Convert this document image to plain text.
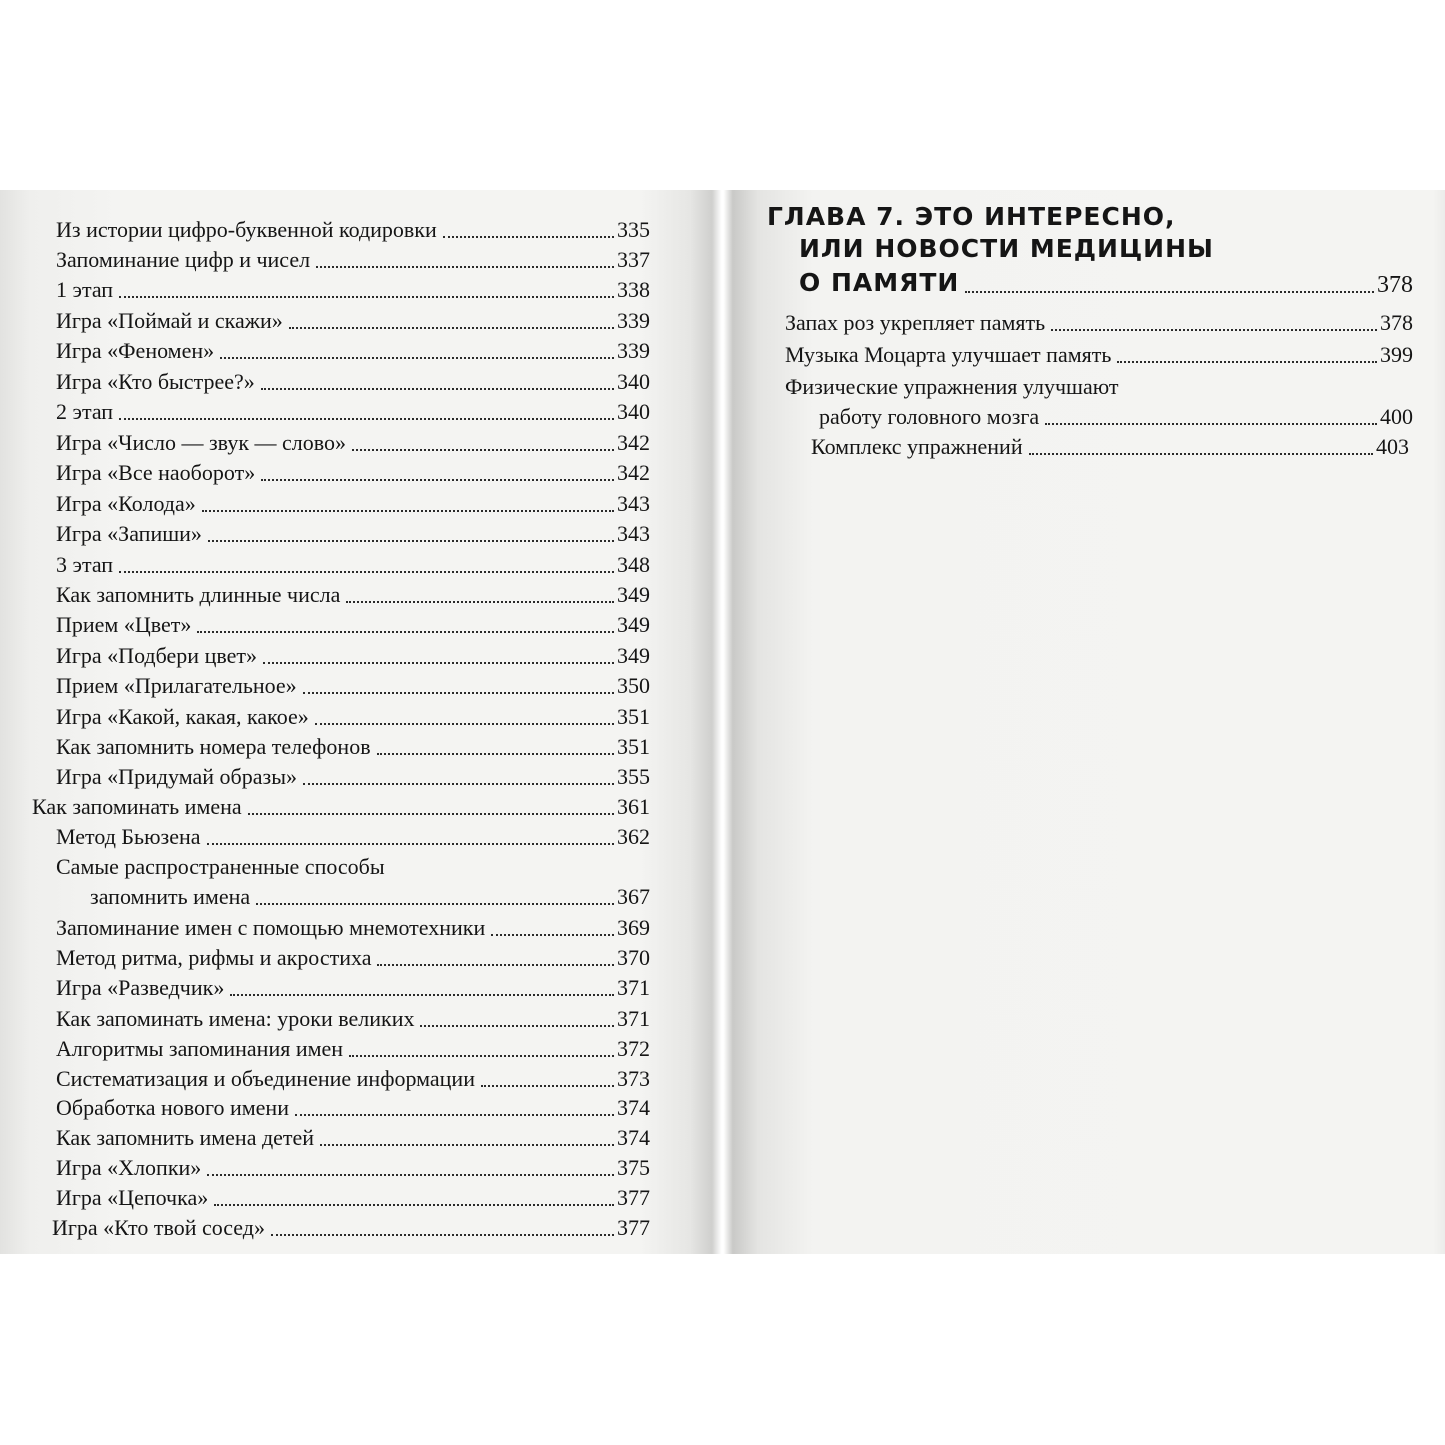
Из истории цифро-буквенной кодировки	335
Запоминание цифр и чисел	337
1 этап	338
Игра «Поймай и скажи»	339
Игра «Феномен»	339
Игра «Кто быстрее?»	340
2 этап	340
Игра «Число — звук — слово»	342
Игра «Все наоборот»	342
Игра «Колода»	343
Игра «Запиши»	343
3 этап	348
Как запомнить длинные числа	349
Прием «Цвет»	349
Игра «Подбери цвет»	349
Прием «Прилагательное»	350
Игра «Какой, какая, какое»	351
Как запомнить номера телефонов	351
Игра «Придумай образы»	355
Как запоминать имена	361
Метод Бьюзена	362
Самые распространенные способы
запомнить имена	367
Запоминание имен с помощью мнемотехники	369
Метод ритма, рифмы и акростиха	370
Игра «Разведчик»	371
Как запоминать имена: уроки великих	371
Алгоритмы запоминания имен	372
Систематизация и объединение информации	373
Обработка нового имени	374
Как запомнить имена детей	374
Игра «Хлопки»	375
Игра «Цепочка»	377
Игра «Кто твой сосед»	377
ГЛАВА 7. ЭТО ИНТЕРЕСНО,
ИЛИ НОВОСТИ МЕДИЦИНЫ
О ПАМЯТИ	378
Запах роз укрепляет память	378
Музыка Моцарта улучшает память	399
Физические упражнения улучшают
работу головного мозга	400
Комплекс упражнений	403
